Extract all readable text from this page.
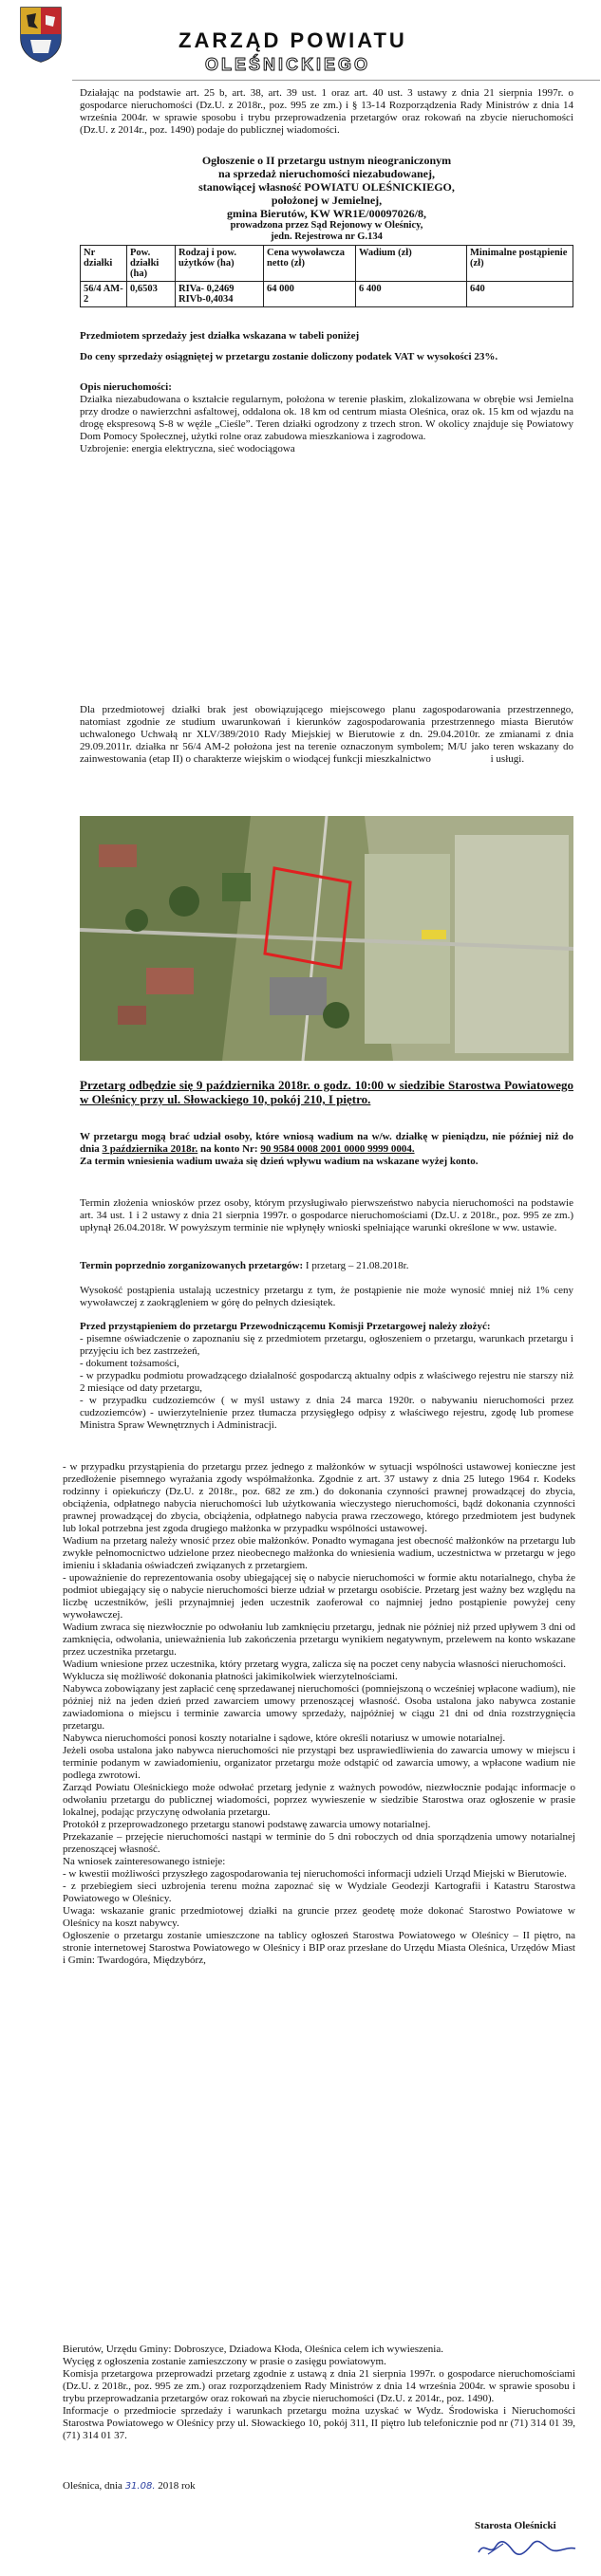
ZARZĄD POWIATU
OLEŚNICKIEGO

Działając na podstawie art. 25 b, art. 38, art. 39 ust. 1 oraz art. 40 ust. 3 ustawy z dnia 21 sierpnia 1997r. o gospodarce nieruchomości (Dz.U. z 2018r., poz. 995 ze zm.) i § 13-14 Rozporządzenia Rady Ministrów z dnia 14 września 2004r. w sprawie sposobu i trybu przeprowadzenia przetargów oraz rokowań na zbycie nieruchomości (Dz.U. z 2014r., poz. 1490) podaje do publicznej wiadomości.

Ogłoszenie o II przetargu ustnym nieograniczonym
na sprzedaż nieruchomości niezabudowanej,
stanowiącej własność POWIATU OLEŚNICKIEGO,
położonej w Jemielnej,
gmina Bierutów, KW WR1E/00097026/8,
prowadzona przez Sąd Rejonowy w Oleśnicy,
jedn. Rejestrowa nr G.134
Nr działki	Pow. działki (ha)	Rodzaj i pow. użytków (ha)	Cena wywoławcza netto (zł)	Wadium (zł)	Minimalne postąpienie (zł)
56/4 AM-2	0,6503	RIVa- 0,2469 RIVb-0,4034	64 000	6 400	640

Przedmiotem sprzedaży jest działka wskazana w tabeli poniżej

Do ceny sprzedaży osiągniętej w przetargu zostanie doliczony podatek VAT w wysokości 23%.

Opis nieruchomości:

Działka niezabudowana o kształcie regularnym, położona w terenie płaskim, zlokalizowana w obrębie wsi Jemielna przy drodze o nawierzchni asfaltowej, oddalona ok. 18 km od centrum miasta Oleśnica, oraz ok. 15 km od wjazdu na drogę ekspresową S-8 w węźle „Cieśle”. Teren działki ogrodzony z trzech stron. W okolicy znajduje się Powiatowy Dom Pomocy Społecznej, użytki rolne oraz zabudowa mieszkaniowa i zagrodowa.

Uzbrojenie: energia elektryczna, sieć wodociągowa

Dla przedmiotowej działki brak jest obowiązującego miejscowego planu zagospodarowania przestrzennego, natomiast zgodnie ze studium uwarunkowań i kierunków zagospodarowania przestrzennego miasta Bierutów uchwalonego Uchwałą nr XLV/389/2010 Rady Miejskiej w Bierutowie z dn. 29.04.2010r. ze zmianami z dnia 29.09.2011r. działka nr 56/4 AM-2 położona jest na terenie oznaczonym symbolem; M/U jako teren wskazany do zainwestowania (etap II) o charakterze wiejskim o wiodącej funkcji mieszkalnictwo	i usługi.

Przetarg odbędzie się 9 października 2018r. o godz. 10:00 w siedzibie Starostwa Powiatowego w Oleśnicy przy ul. Słowackiego 10, pokój 210, I piętro.

W przetargu mogą brać udział osoby, które wniosą wadium na w/w. działkę w pieniądzu, nie później niż do dnia 3 października 2018r. na konto Nr: 90 9584 0008 2001 0000 9999 0004.

Za termin wniesienia wadium uważa się dzień wpływu wadium na wskazane wyżej konto.

Termin złożenia wniosków przez osoby, którym przysługiwało pierwszeństwo nabycia nieruchomości na podstawie art. 34 ust. 1 i 2 ustawy z dnia 21 sierpnia 1997r. o gospodarce nieruchomościami (Dz.U. z 2018r., poz. 995 ze zm.) upłynął 26.04.2018r. W powyższym terminie nie wpłynęły wnioski spełniające warunki określone w ww. ustawie.

Termin poprzednio zorganizowanych przetargów: I przetarg – 21.08.2018r.

Wysokość postąpienia ustalają uczestnicy przetargu z tym, że postąpienie nie może wynosić mniej niż 1% ceny wywoławczej z zaokrągleniem w górę do pełnych dziesiątek.

Przed przystąpieniem do przetargu Przewodniczącemu Komisji Przetargowej należy złożyć:

- pisemne oświadczenie o zapoznaniu się z przedmiotem przetargu, ogłoszeniem o przetargu, warunkach przetargu i przyjęciu ich bez zastrzeżeń,

- dokument tożsamości,

- w przypadku podmiotu prowadzącego działalność gospodarczą aktualny odpis z właściwego rejestru nie starszy niż 2 miesiące od daty przetargu,

- w przypadku cudzoziemców ( w myśl ustawy z dnia 24 marca 1920r. o nabywaniu nieruchomości przez cudzoziemców) - uwierzytelnienie przez tłumacza przysięgłego odpisy z właściwego rejestru, zgodę lub promese Ministra Spraw Wewnętrznych i Administracji.

- w przypadku przystąpienia do przetargu przez jednego z małżonków w sytuacji wspólności ustawowej konieczne jest przedłożenie pisemnego wyrażania zgody współmałżonka. Zgodnie z art. 37 ustawy z dnia 25 lutego 1964 r. Kodeks rodzinny i opiekuńczy (Dz.U. z 2018r., poz. 682 ze zm.) do dokonania czynności prawnej prowadzącej do zbycia, obciążenia, odpłatnego nabycia nieruchomości lub użytkowania wieczystego nieruchomości, bądź dokonania czynności prawnej prowadzącej do zbycia, obciążenia, odpłatnego nabycia prawa rzeczowego, którego przedmiotem jest budynek lub lokal potrzebna jest zgoda drugiego małżonka w przypadku wspólności ustawowej.

Wadium na przetarg należy wnosić przez obie małżonków. Ponadto wymagana jest obecność małżonków na przetargu lub zwykłe pełnomocnictwo udzielone przez nieobecnego małżonka do wniesienia wadium, uczestnictwa w przetargu w jego imieniu i składania oświadczeń związanych z przetargiem.

- upoważnienie do reprezentowania osoby ubiegającej się o nabycie nieruchomości w formie aktu notarialnego, chyba że podmiot ubiegający się o nabycie nieruchomości bierze udział w przetargu osobiście. Przetarg jest ważny bez względu na liczbę uczestników, jeśli przynajmniej jeden uczestnik zaoferował co najmniej jedno postąpienie powyżej ceny wywoławczej.

Wadium zwraca się niezwłocznie po odwołaniu lub zamknięciu przetargu, jednak nie później niż przed upływem 3 dni od zamknięcia, odwołania, unieważnienia lub zakończenia przetargu wynikiem negatywnym, przelewem na konto wskazane przez uczestnika przetargu.

Wadium wniesione przez uczestnika, który przetarg wygra, zalicza się na poczet ceny nabycia własności nieruchomości.

Wyklucza się możliwość dokonania płatności jakimikolwiek wierzytelnościami.

Nabywca zobowiązany jest zapłacić cenę sprzedawanej nieruchomości (pomniejszoną o wcześniej wpłacone wadium), nie później niż na jeden dzień przed zawarciem umowy przenoszącej własność. Osoba ustalona jako nabywca zostanie zawiadomiona o miejscu i terminie zawarcia umowy sprzedaży, najpóźniej w ciągu 21 dni od dnia rozstrzygnięcia przetargu.

Nabywca nieruchomości ponosi koszty notarialne i sądowe, które określi notariusz w umowie notarialnej.

Jeżeli osoba ustalona jako nabywca nieruchomości nie przystąpi bez usprawiedliwienia do zawarcia umowy w miejscu i terminie podanym w zawiadomieniu, organizator przetargu może odstąpić od zawarcia umowy, a wpłacone wadium nie podlega zwrotowi.

Zarząd Powiatu Oleśnickiego może odwołać przetarg jedynie z ważnych powodów, niezwłocznie podając informacje o odwołaniu przetargu do publicznej wiadomości, poprzez wywieszenie w siedzibie Starostwa oraz ogłoszenie w prasie lokalnej, podając przyczynę odwołania przetargu.

Protokół z przeprowadzonego przetargu stanowi podstawę zawarcia umowy notarialnej.

Przekazanie – przejęcie nieruchomości nastąpi w terminie do 5 dni roboczych od dnia sporządzenia umowy notarialnej przenoszącej własność.

Na wniosek zainteresowanego istnieje:

- w kwestii możliwości przyszłego zagospodarowania tej nieruchomości informacji udzieli Urząd Miejski w Bierutowie.

- z przebiegiem sieci uzbrojenia terenu można zapoznać się w Wydziale Geodezji Kartografii i Katastru Starostwa Powiatowego w Oleśnicy.

Uwaga: wskazanie granic przedmiotowej działki na gruncie przez geodetę może dokonać Starostwo Powiatowe w Oleśnicy na koszt nabywcy.

Ogłoszenie o przetargu zostanie umieszczone na tablicy ogłoszeń Starostwa Powiatowego w Oleśnicy – II piętro, na stronie internetowej Starostwa Powiatowego w Oleśnicy i BIP oraz przesłane do Urzędu Miasta Oleśnica, Urzędów Miast i Gmin: Twardogóra, Międzybórz,

Bierutów, Urzędu Gminy: Dobroszyce, Dziadowa Kłoda, Oleśnica celem ich wywieszenia.

Wycięg z ogłoszenia zostanie zamieszczony w prasie o zasięgu powiatowym.

Komisja przetargowa przeprowadzi przetarg zgodnie z ustawą z dnia 21 sierpnia 1997r. o gospodarce nieruchomościami (Dz.U. z 2018r., poz. 995 ze zm.) oraz rozporządzeniem Rady Ministrów z dnia 14 września 2004r. w sprawie sposobu i trybu przeprowadzania przetargów oraz rokowań na zbycie nieruchomości (Dz.U. z 2014r., poz. 1490).

Informacje o przedmiocie sprzedaży i warunkach przetargu można uzyskać w Wydz. Środowiska i Nieruchomości Starostwa Powiatowego w Oleśnicy przy ul. Słowackiego 10, pokój 311, II piętro lub telefonicznie pod nr (71) 314 01 39, (71) 314 01 37.

Oleśnica, dnia 31.08. 2018 rok

Starosta Oleśnicki
